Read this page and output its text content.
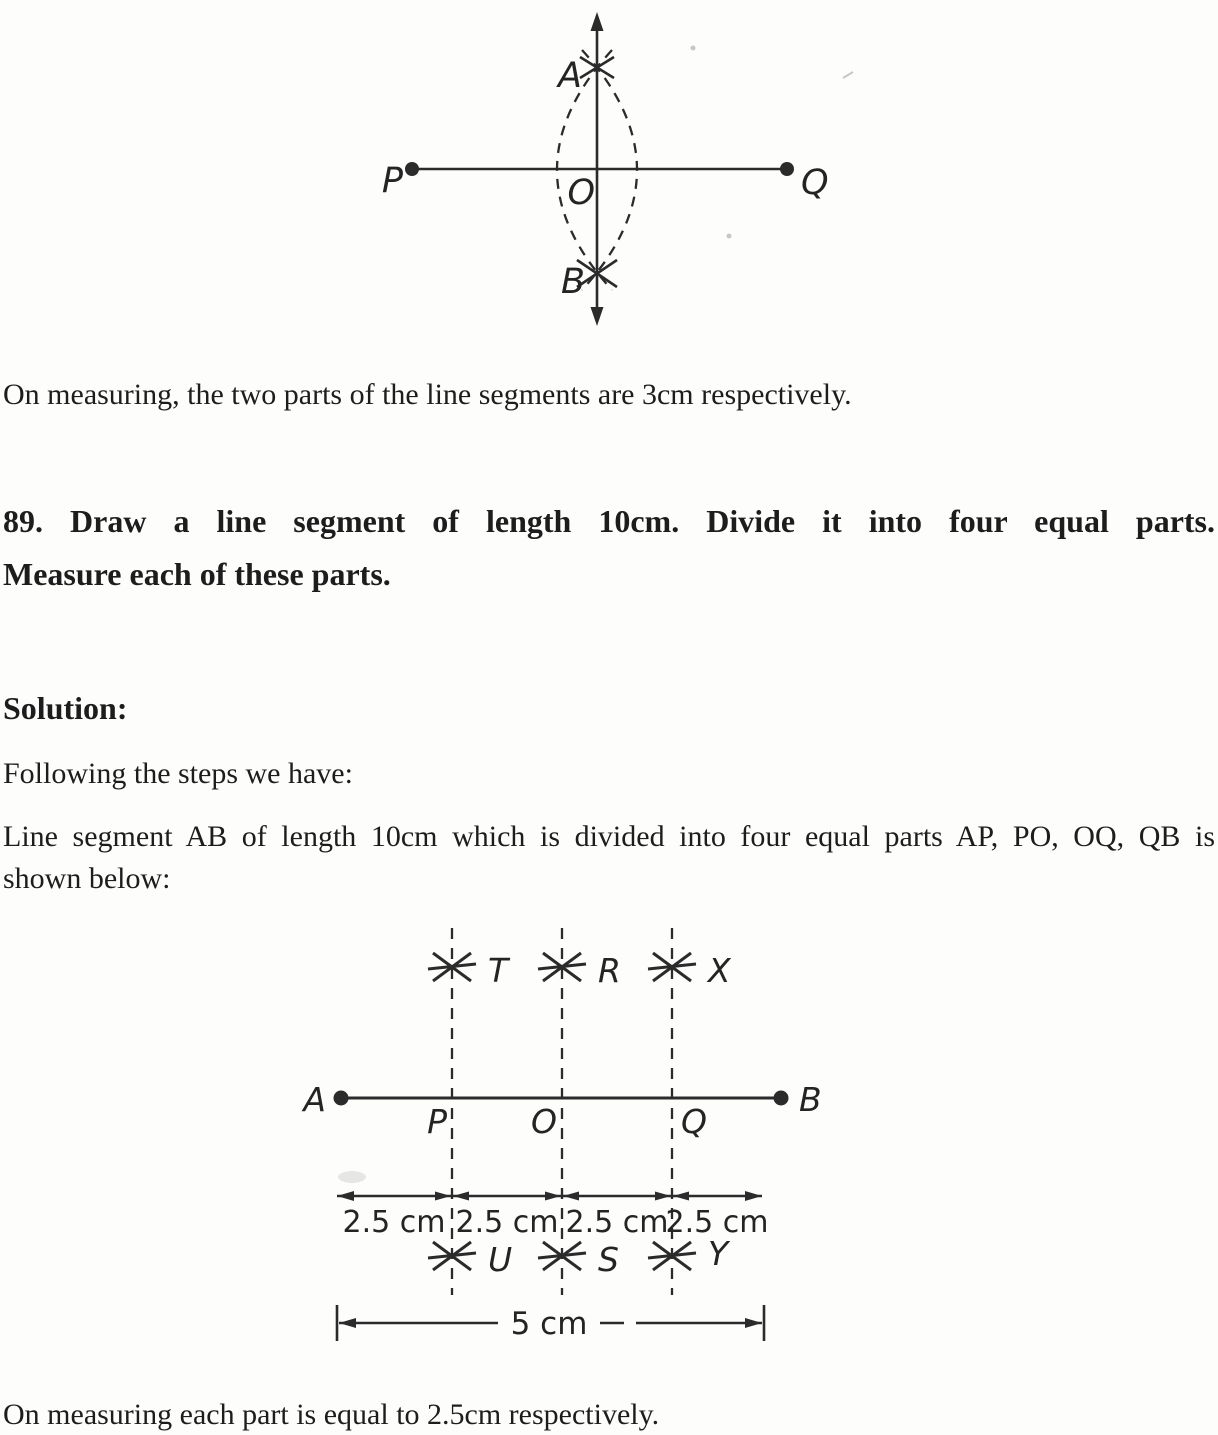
A
B
O
P	Q
On measuring, the two parts of the line segments are 3cm respectively.
89. Draw a line segment of length 10cm. Divide it into four equal parts.
Measure each of these parts.
Solution:
Following the steps we have:
Line segment AB of length 10cm which is divided into four equal parts AP, PO, OQ, QB is
shown below:
T	R	X
A	B
P	O	Q
2.5 cm 2.5 cm 2.5 cm
2.5 cm
U	S	Y
5 cm
On measuring each part is equal to 2.5cm respectively.
